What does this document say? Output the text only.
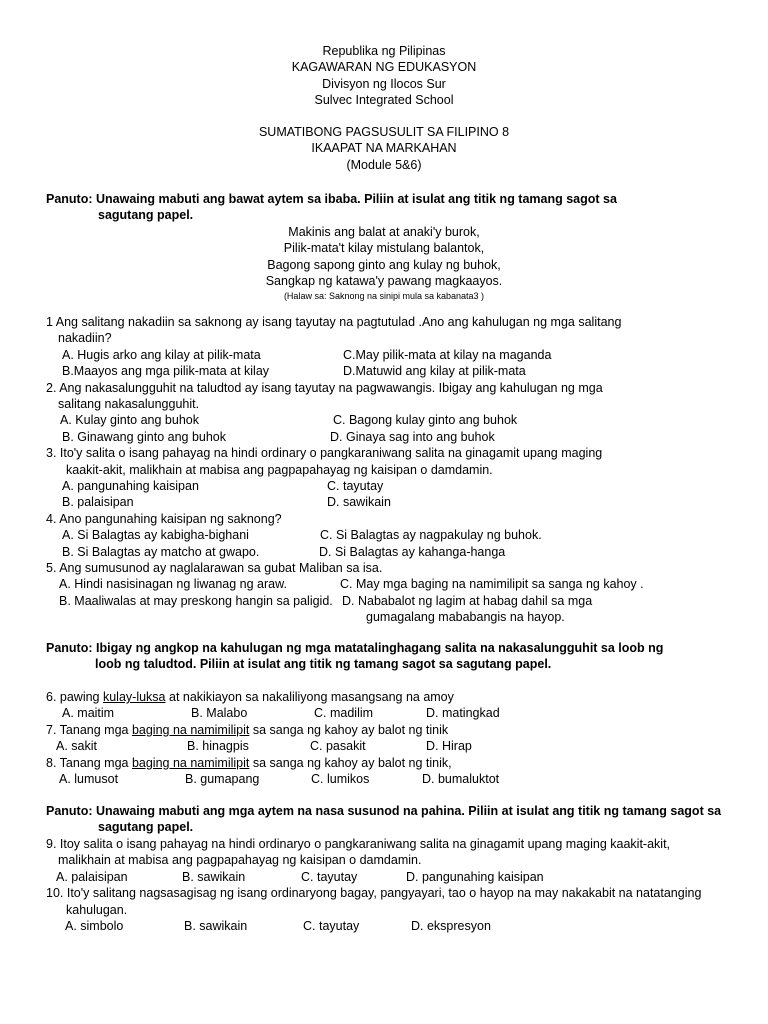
Republika ng Pilipinas
KAGAWARAN NG EDUKASYON
Divisyon ng Ilocos Sur
Sulvec Integrated School
SUMATIBONG PAGSUSULIT SA FILIPINO 8
IKAAPAT NA MARKAHAN
(Module 5&6)
Panuto: Unawaing mabuti ang bawat aytem sa ibaba. Piliin at isulat ang titik ng tamang sagot sa
sagutang papel.
Makinis ang balat at anaki'y burok,
Pilik-mata't kilay mistulang balantok,
Bagong sapong ginto ang kulay ng buhok,
Sangkap ng katawa'y pawang magkaayos.
(Halaw sa: Saknong na sinipi mula sa kabanata3 )
1 Ang salitang nakadiin sa saknong ay isang tayutay na pagtutulad .Ano ang kahulugan ng mga salitang
nakadiin?
A. Hugis arko ang kilay at pilik-mata	C.May pilik-mata at kilay na maganda
B.Maayos ang mga pilik-mata at kilay	D.Matuwid ang kilay at pilik-mata
2. Ang nakasalungguhit na taludtod ay isang tayutay na pagwawangis. Ibigay ang kahulugan ng mga
salitang nakasalungguhit.
A. Kulay ginto ang buhok	C. Bagong kulay ginto ang buhok
B. Ginawang ginto ang buhok	D. Ginaya sag into ang buhok
3. Ito'y salita o isang pahayag na hindi ordinary o pangkaraniwang salita na ginagamit upang maging
kaakit-akit, malikhain at mabisa ang pagpapahayag ng kaisipan o damdamin.
A. pangunahing kaisipan	C. tayutay
B. palaisipan	D. sawikain
4. Ano pangunahing kaisipan ng saknong?
A. Si Balagtas ay kabigha-bighani	C. Si Balagtas ay nagpakulay ng buhok.
B. Si Balagtas ay matcho at gwapo.	D. Si Balagtas ay kahanga-hanga
5. Ang sumusunod ay naglalarawan sa gubat Maliban sa isa.
A. Hindi nasisinagan ng liwanag ng araw.	C. May mga baging na namimilipit sa sanga ng kahoy .
B. Maaliwalas at may preskong hangin sa paligid. D. Nababalot ng lagim at habag dahil sa mga
gumagalang mababangis na hayop.
Panuto: Ibigay ng angkop na kahulugan ng mga matatalinghagang salita na nakasalungguhit sa loob ng
loob ng taludtod. Piliin at isulat ang titik ng tamang sagot sa sagutang papel.
6. pawing kulay-luksa at nakikiayon sa nakaliliyong masangsang na amoy
A. maitim	B. Malabo	C. madilim	D. matingkad
7. Tanang mga baging na namimilipit sa sanga ng kahoy ay balot ng tinik
A. sakit	B. hinagpis	C. pasakit	D. Hirap
8. Tanang mga baging na namimilipit sa sanga ng kahoy ay balot ng tinik,
A. lumusot	B. gumapang	C. lumikos	D. bumaluktot
Panuto: Unawaing mabuti ang mga aytem na nasa susunod na pahina. Piliin at isulat ang titik ng tamang sagot sa
sagutang papel.
9. Itoy salita o isang pahayag na hindi ordinaryo o pangkaraniwang salita na ginagamit upang maging kaakit-akit,
malikhain at mabisa ang pagpapahayag ng kaisipan o damdamin.
A. palaisipan	B. sawikain	C. tayutay	D. pangunahing kaisipan
10. Ito'y salitang nagsasagisag ng isang ordinaryong bagay, pangyayari, tao o hayop na may nakakabit na natatanging
kahulugan.
A. simbolo	B. sawikain	C. tayutay	D. ekspresyon
